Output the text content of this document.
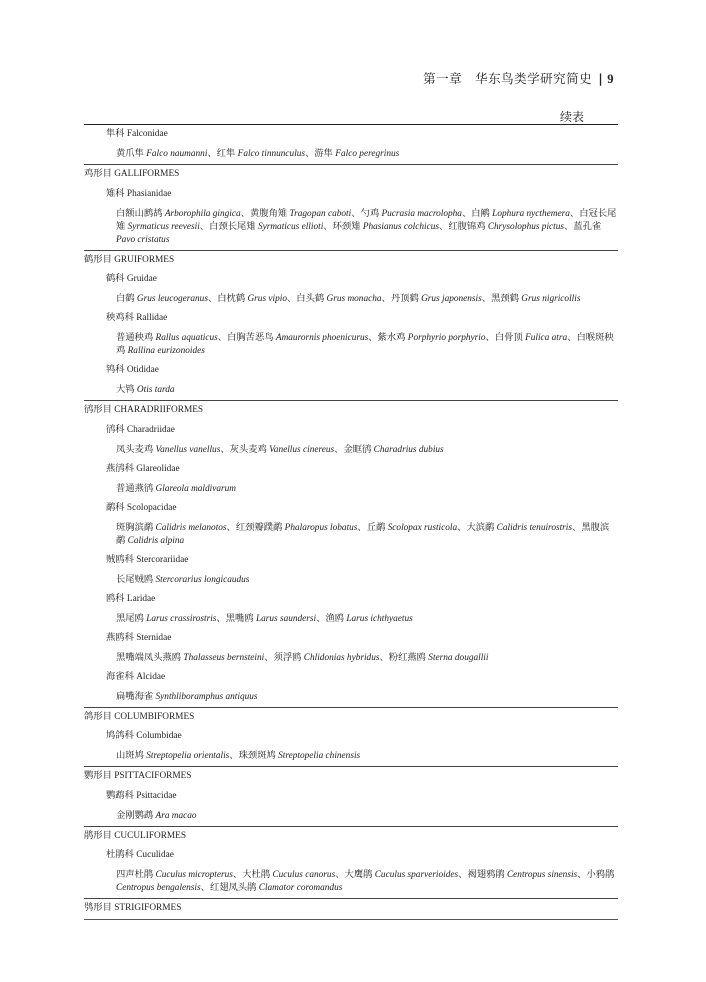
第一章　华东鸟类学研究简史 | 9
续表
隼科 Falconidae
黄爪隼 Falco naumanni、红隼 Falco tinnunculus、游隼 Falco peregrinus
鸡形目 GALLIFORMES
雉科 Phasianidae
白额山鹧鸪 Arborophila gingica、黄腹角雉 Tragopan caboti、勺鸡 Pucrasia macrolopha、白鹇 Lophura nycthemera、白冠长尾雉 Syrmaticus reevesii、白颈长尾雉 Syrmaticus ellioti、环颈雉 Phasianus colchicus、红腹锦鸡 Chrysolophus pictus、蓝孔雀 Pavo cristatus
鹤形目 GRUIFORMES
鹤科 Gruidae
白鹤 Grus leucogeranus、白枕鹤 Grus vipio、白头鹤 Grus monacha、丹顶鹤 Grus japonensis、黑颈鹤 Grus nigricollis
秧鸡科 Rallidae
普通秧鸡 Rallus aquaticus、白胸苦恶鸟 Amaurornis phoenicurus、紫水鸡 Porphyrio porphyrio、白骨顶 Fulica atra、白喉斑秧鸡 Rallina eurizonoides
鸨科 Otididae
大鸨 Otis tarda
鸻形目 CHARADRIIFORMES
鸻科 Charadriidae
凤头麦鸡 Vanellus vanellus、灰头麦鸡 Vanellus cinereus、金眶鸻 Charadrius dubius
燕鸻科 Glareolidae
普通燕鸻 Glareola maldivarum
鹬科 Scolopacidae
斑胸滨鹬 Calidris melanotos、红颈瓣蹼鹬 Phalaropus lobatus、丘鹬 Scolopax rusticola、大滨鹬 Calidris tenuirostris、黑腹滨鹬 Calidris alpina
贼鸥科 Stercorariidae
长尾贼鸥 Stercorarius longicaudus
鸥科 Laridae
黑尾鸥 Larus crassirostris、黑嘴鸥 Larus saundersi、渔鸥 Larus ichthyaetus
燕鸥科 Sternidae
黑嘴端凤头燕鸥 Thalasseus bernsteini、须浮鸥 Chlidonias hybridus、粉红燕鸥 Sterna dougallii
海雀科 Alcidae
扁嘴海雀 Synthliboramphus antiquus
鸽形目 COLUMBIFORMES
鸠鸽科 Columbidae
山斑鸠 Streptopelia orientalis、珠颈斑鸠 Streptopelia chinensis
鹦形目 PSITTACIFORMES
鹦鹉科 Psittacidae
金刚鹦鹉 Ara macao
鹃形目 CUCULIFORMES
杜鹃科 Cuculidae
四声杜鹃 Cuculus micropterus、大杜鹃 Cuculus canorus、大鹰鹃 Cuculus sparverioides、褐翅鸦鹃 Centropus sinensis、小鸦鹃 Centropus bengalensis、红翅凤头鹃 Clamator coromandus
鸮形目 STRIGIFORMES
